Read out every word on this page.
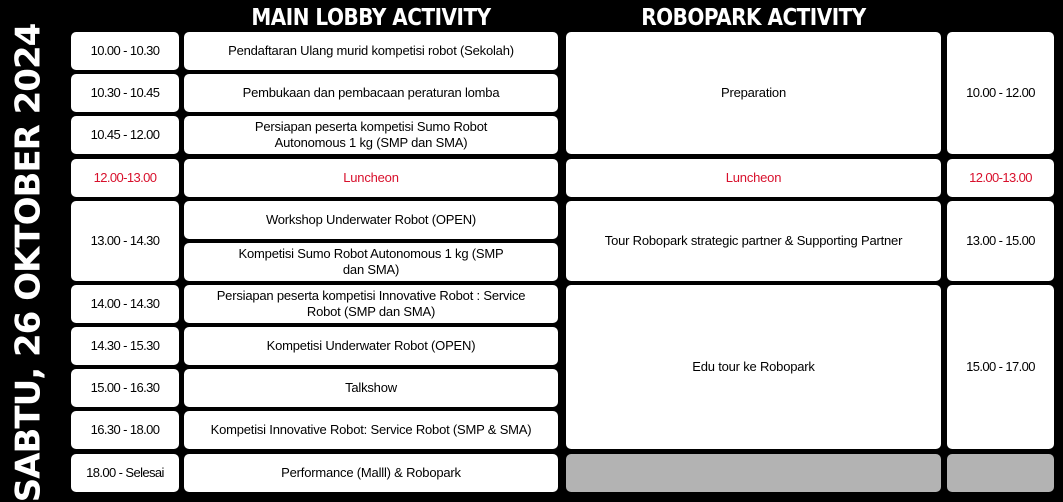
MAIN LOBBY ACTIVITY	ROBOPARK ACTIVITY
SABTU, 26 OKTOBER 2024	10.00 - 10.30
10.30 - 10.45
10.45 - 12.00
12.00-13.00
13.00 - 14.30
14.00 - 14.30
14.30 - 15.30
15.00 - 16.30
16.30 - 18.00
18.00 - Selesai
Pendaftaran Ulang murid kompetisi robot (Sekolah)
Pembukaan dan pembacaan peraturan lomba
Persiapan peserta kompetisi Sumo Robot Autonomous 1 kg (SMP dan SMA)
Luncheon
Workshop Underwater Robot (OPEN)
Kompetisi Sumo Robot Autonomous 1 kg (SMP dan SMA)
Persiapan peserta kompetisi Innovative Robot : Service Robot (SMP dan SMA)
Kompetisi Underwater Robot (OPEN)
Talkshow
Kompetisi Innovative Robot: Service Robot (SMP & SMA)
Performance (Malll) & Robopark
Preparation
Luncheon
Tour Robopark strategic partner & Supporting Partner
Edu tour ke Robopark
10.00 - 12.00
12.00-13.00
13.00 - 15.00
15.00 - 17.00
